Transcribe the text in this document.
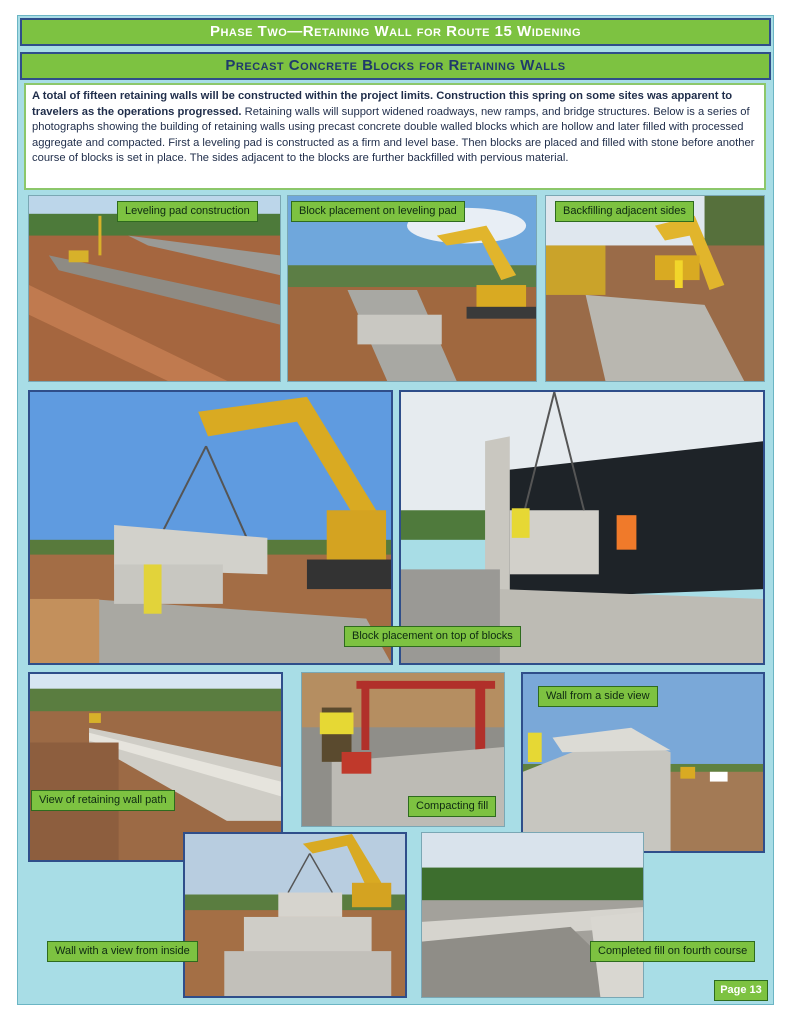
Phase Two—Retaining Wall for Route 15 Widening
Precast Concrete Blocks for Retaining Walls
A total of fifteen retaining walls will be constructed within the project limits. Construction this spring on some sites was apparent to travelers as the operations progressed. Retaining walls will support widened roadways, new ramps, and bridge structures. Below is a series of photographs showing the building of retaining walls using precast concrete double walled blocks which are hollow and later filled with processed aggregate and compacted. First a leveling pad is constructed as a firm and level base. Then blocks are placed and filled with stone before another course of blocks is set in place. The sides adjacent to the blocks are further backfilled with pervious material.
Leveling pad construction	Block placement on leveling pad	Backfilling adjacent sides
Block placement on top of blocks
View of retaining wall path	Compacting fill
Wall from a side view
Wall with a view from inside	Completed fill on fourth course
Page 13
